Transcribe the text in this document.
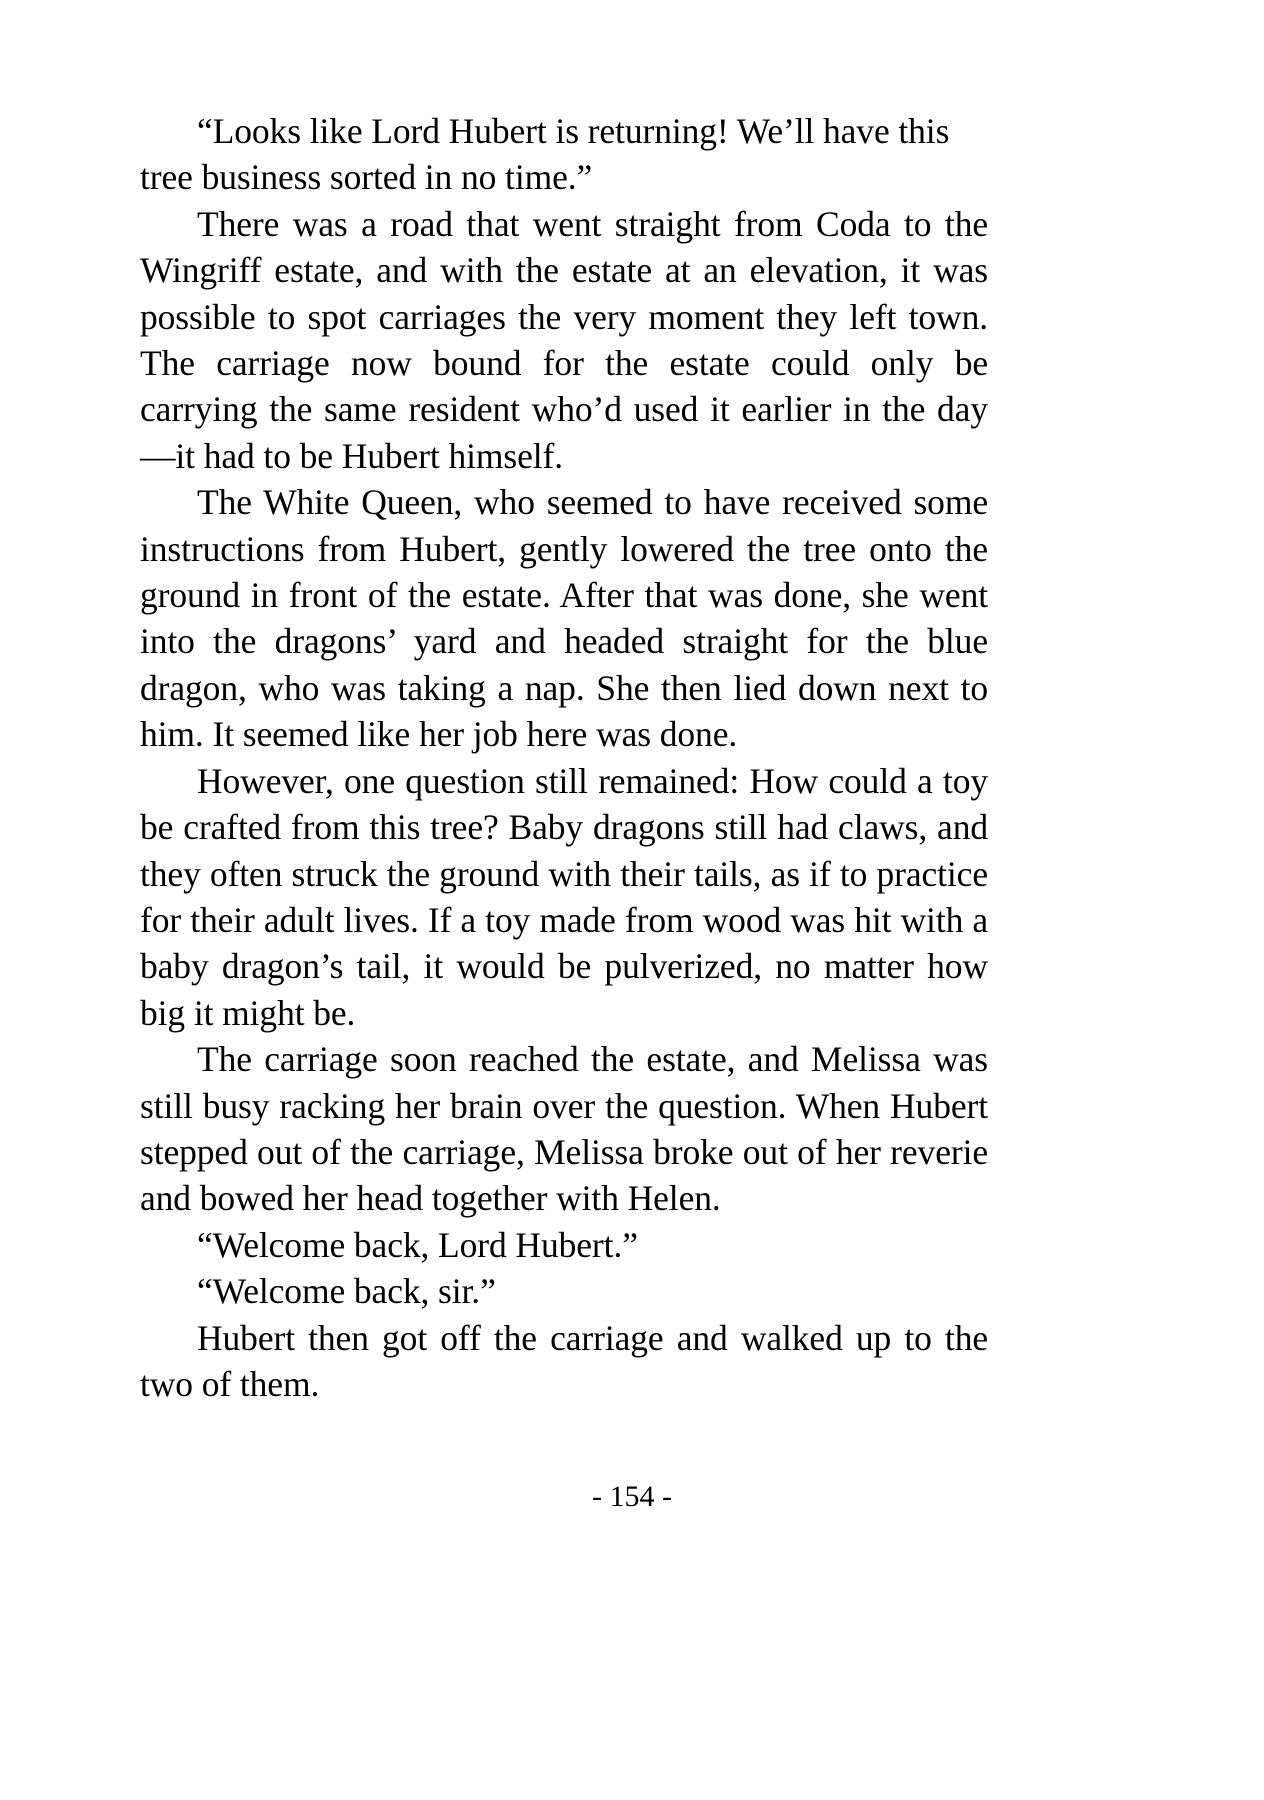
“Looks like Lord Hubert is returning! We’ll have this tree business sorted in no time.”

There was a road that went straight from Coda to the Wingriff estate, and with the estate at an elevation, it was possible to spot carriages the very moment they left town. The carriage now bound for the estate could only be carrying the same resident who’d used it earlier in the day—it had to be Hubert himself.

The White Queen, who seemed to have received some instructions from Hubert, gently lowered the tree onto the ground in front of the estate. After that was done, she went into the dragons’ yard and headed straight for the blue dragon, who was taking a nap. She then lied down next to him. It seemed like her job here was done.

However, one question still remained: How could a toy be crafted from this tree? Baby dragons still had claws, and they often struck the ground with their tails, as if to practice for their adult lives. If a toy made from wood was hit with a baby dragon’s tail, it would be pulverized, no matter how big it might be.

The carriage soon reached the estate, and Melissa was still busy racking her brain over the question. When Hubert stepped out of the carriage, Melissa broke out of her reverie and bowed her head together with Helen.

“Welcome back, Lord Hubert.”

“Welcome back, sir.”

Hubert then got off the carriage and walked up to the two of them.

- 154 -
